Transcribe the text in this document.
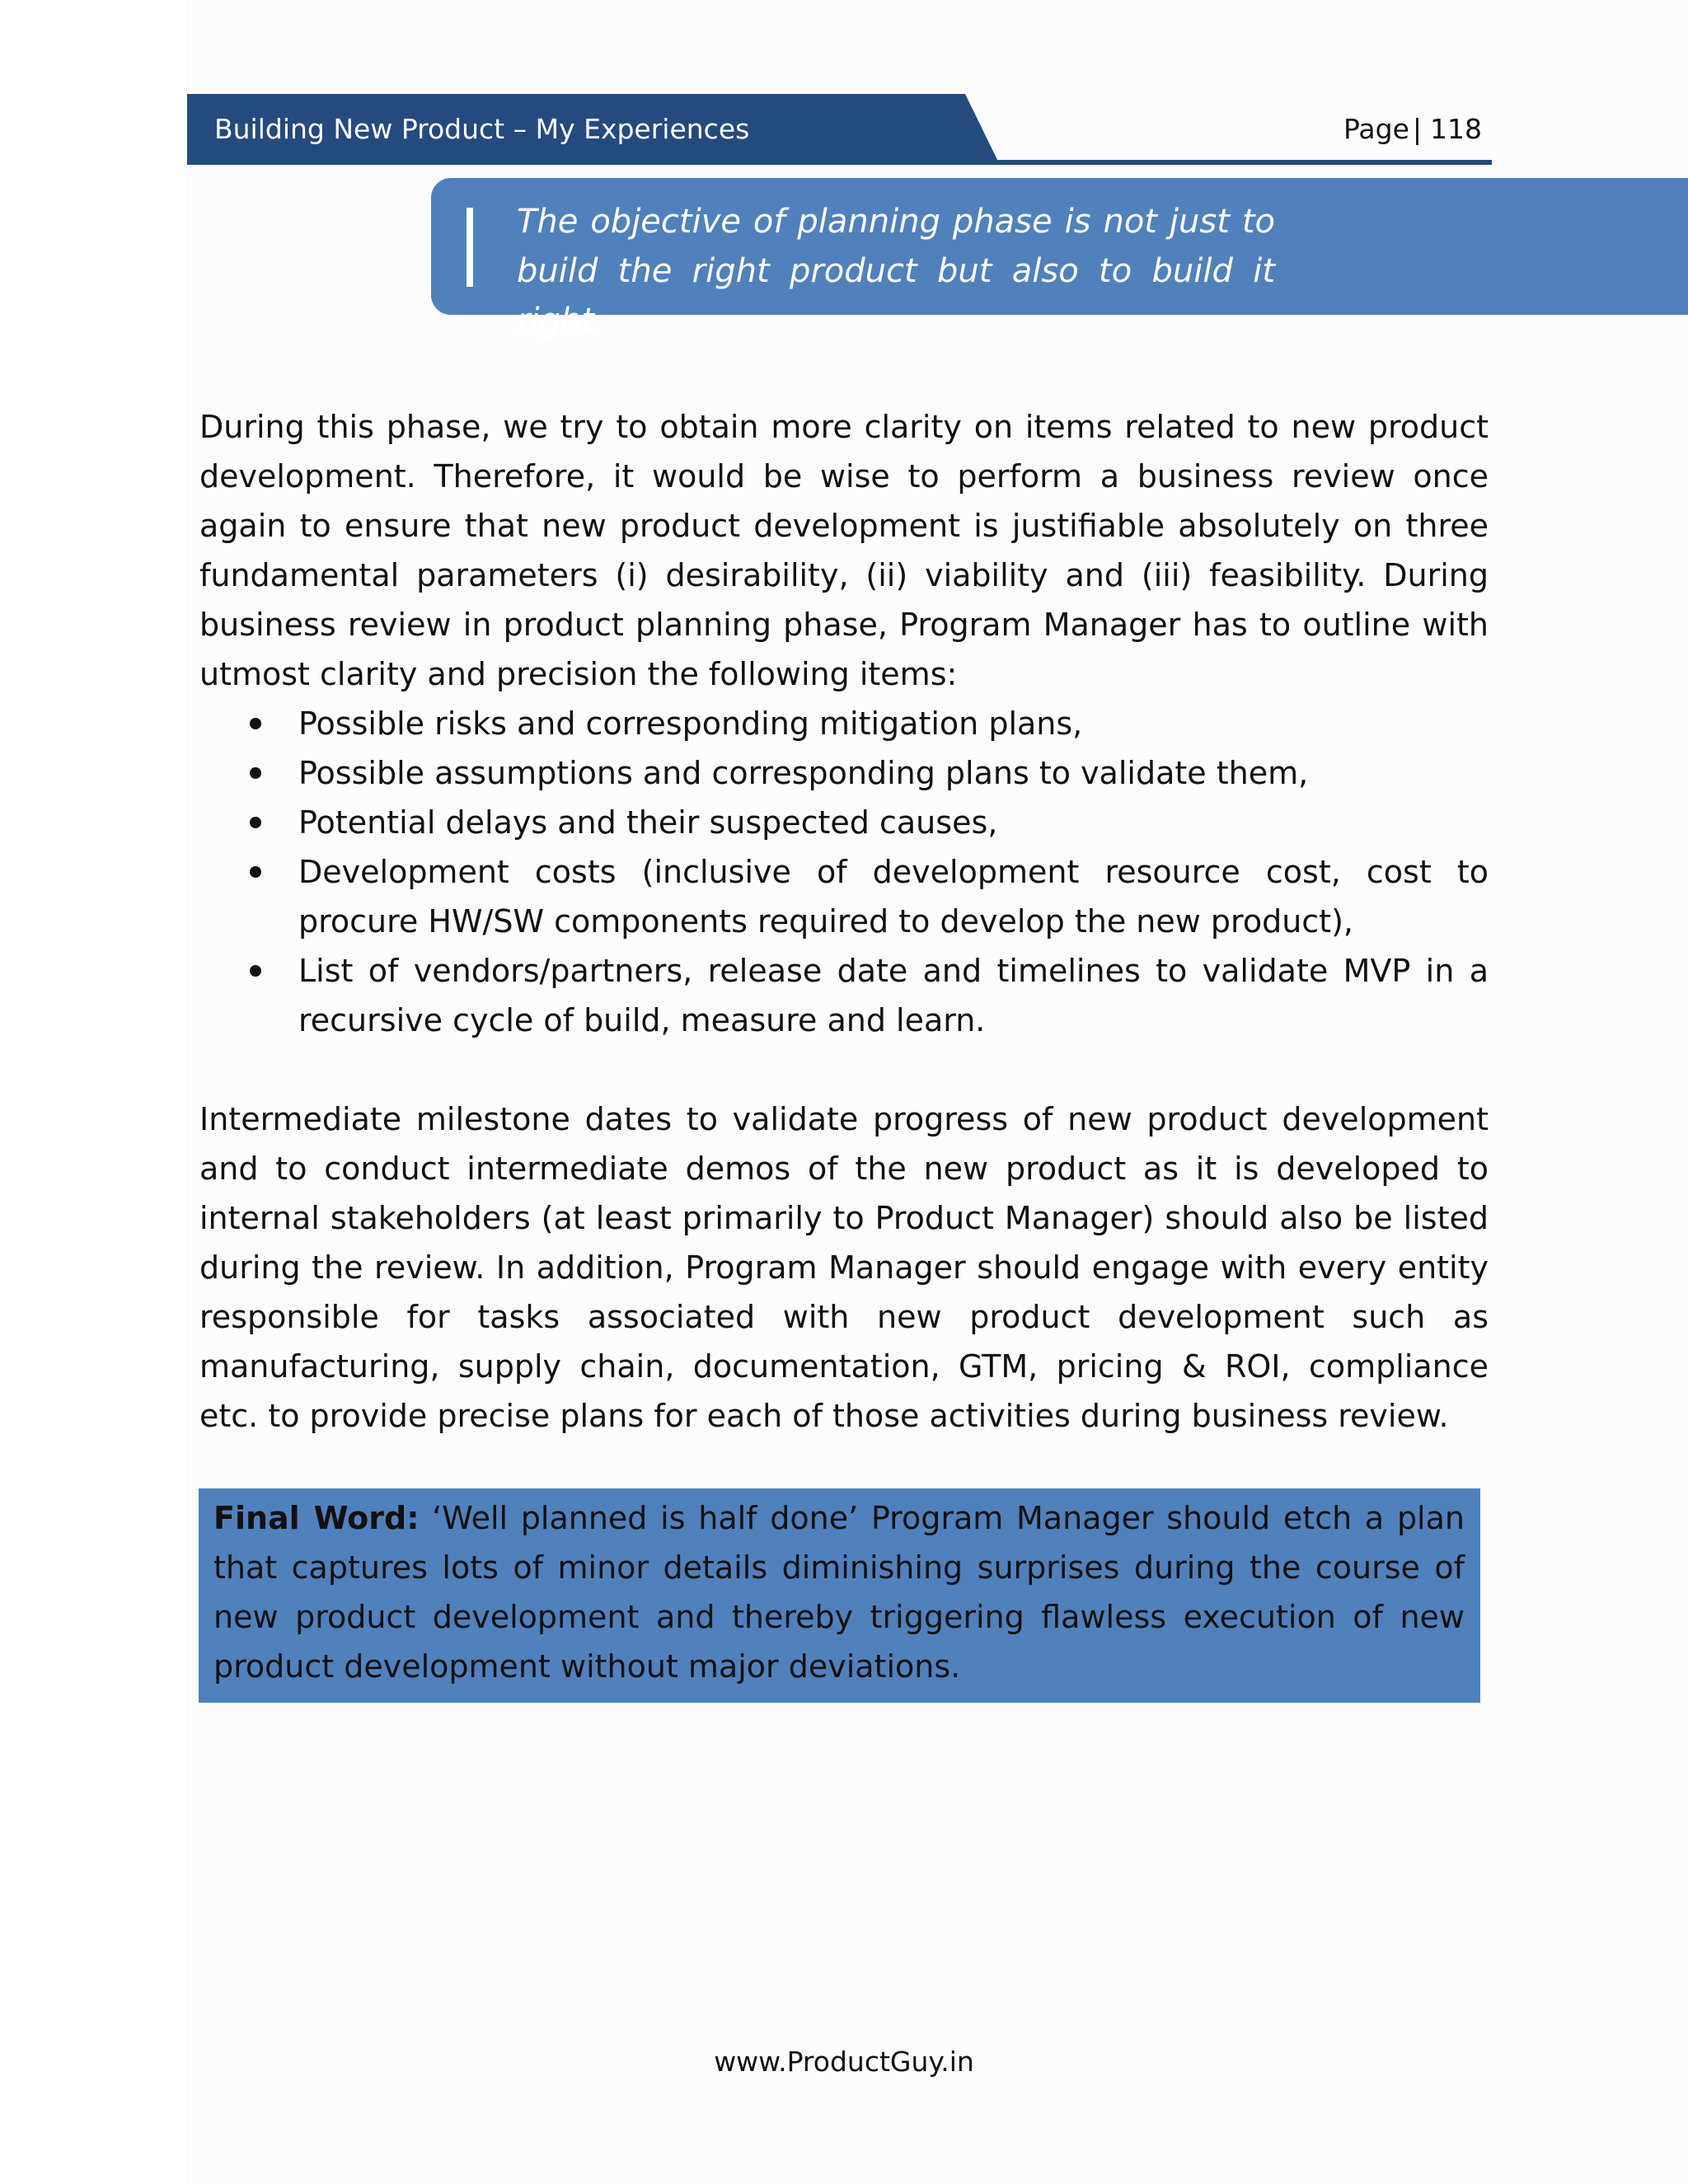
Building New Product – My Experiences	Page | 118
The objective of planning phase is not just to build the right product but also to build it right.

During this phase, we try to obtain more clarity on items related to new product development. Therefore, it would be wise to perform a business review once again to ensure that new product development is justifiable absolutely on three fundamental parameters (i) desirability, (ii) viability and (iii) feasibility. During business review in product planning phase, Program Manager has to outline with utmost clarity and precision the following items:

Possible risks and corresponding mitigation plans,
Possible assumptions and corresponding plans to validate them,
Potential delays and their suspected causes,
Development costs (inclusive of development resource cost, cost to procure HW/SW components required to develop the new product),
List of vendors/partners, release date and timelines to validate MVP in a recursive cycle of build, measure and learn.

Intermediate milestone dates to validate progress of new product development and to conduct intermediate demos of the new product as it is developed to internal stakeholders (at least primarily to Product Manager) should also be listed during the review. In addition, Program Manager should engage with every entity responsible for tasks associated with new product development such as manufacturing, supply chain, documentation, GTM, pricing & ROI, compliance etc. to provide precise plans for each of those activities during business review.

Final Word: ‘Well planned is half done’ Program Manager should etch a plan that captures lots of minor details diminishing surprises during the course of new product development and thereby triggering flawless execution of new product development without major deviations.

www.ProductGuy.in
